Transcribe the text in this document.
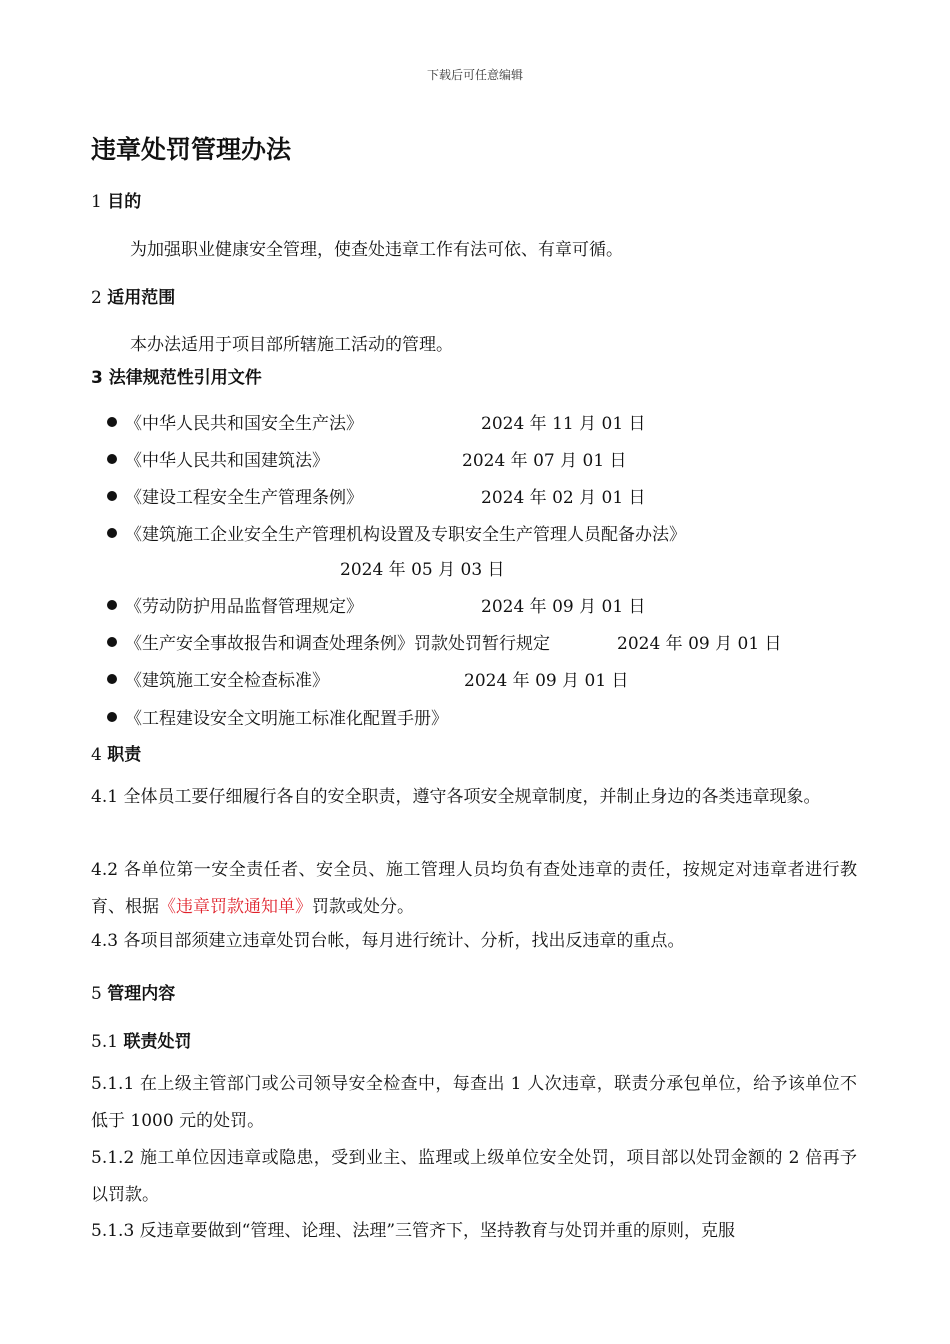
下载后可任意编辑
违章处罚管理办法
1 目的
为加强职业健康安全管理，使查处违章工作有法可依、有章可循。
2 适用范围
本办法适用于项目部所辖施工活动的管理。
3 法律规范性引用文件
《中华人民共和国安全生产法》	2024 年 11 月 01 日
《中华人民共和国建筑法》	2024 年 07 月 01 日
《建设工程安全生产管理条例》	2024 年 02 月 01 日
《建筑施工企业安全生产管理机构设置及专职安全生产管理人员配备办法》
2024 年 05 月 03 日
《劳动防护用品监督管理规定》	2024 年 09 月 01 日
《生产安全事故报告和调查处理条例》罚款处罚暂行规定	2024 年 09 月 01 日
《建筑施工安全检查标准》	2024 年 09 月 01 日
《工程建设安全文明施工标准化配置手册》
4 职责
4.1 全体员工要仔细履行各自的安全职责，遵守各项安全规章制度，并制止身边的各类违章现象。
4.2 各单位第一安全责任者、安全员、施工管理人员均负有查处违章的责任，按规定对违章者进行教育、根据《违章罚款通知单》罚款或处分。
4.3 各项目部须建立违章处罚台帐，每月进行统计、分析，找出反违章的重点。
5 管理内容
5.1 联责处罚
5.1.1 在上级主管部门或公司领导安全检查中，每查出 1 人次违章，联责分承包单位，给予该单位不低于 1000 元的处罚。
5.1.2 施工单位因违章或隐患，受到业主、监理或上级单位安全处罚，项目部以处罚金额的 2 倍再予以罚款。
5.1.3 反违章要做到“管理、论理、法理”三管齐下，坚持教育与处罚并重的原则，克服
